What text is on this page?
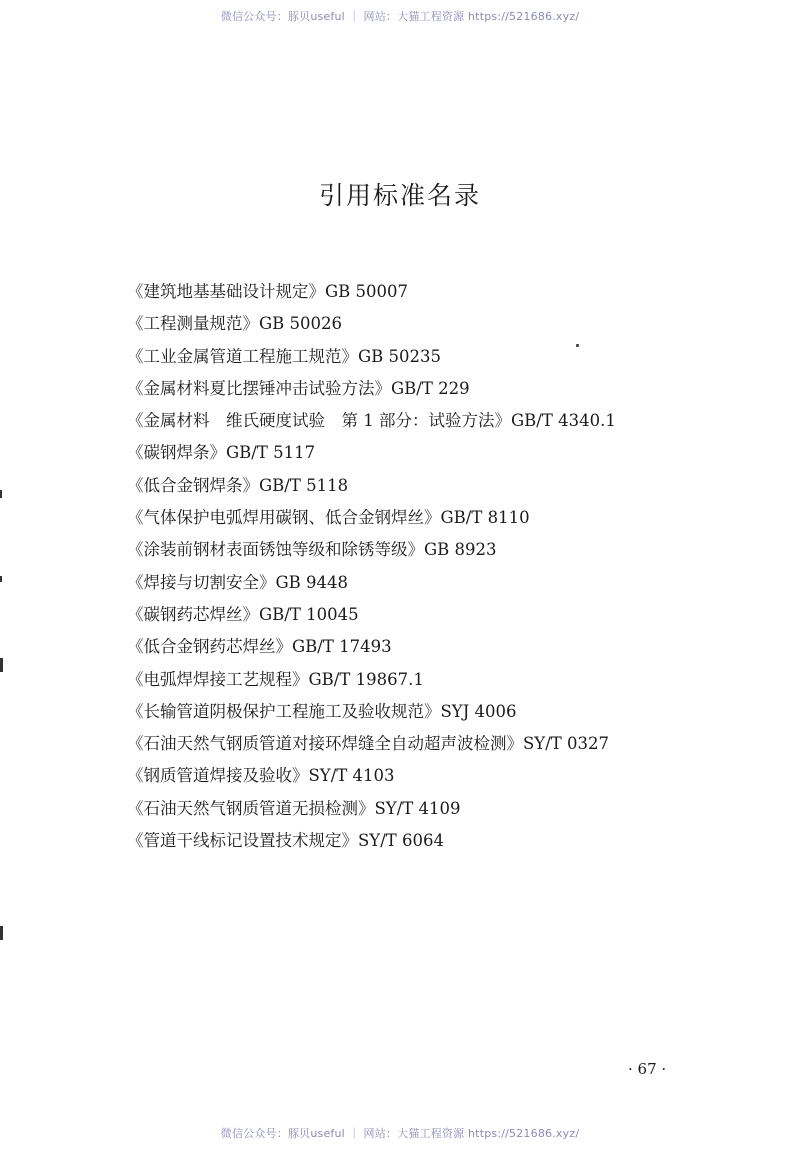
微信公众号：豚贝useful ｜ 网站：大猫工程资源 https://521686.xyz/
引用标准名录
《建筑地基基础设计规定》GB 50007
《工程测量规范》GB 50026
《工业金属管道工程施工规范》GB 50235
《金属材料夏比摆锤冲击试验方法》GB/T 229
《金属材料　维氏硬度试验　第 1 部分：试验方法》GB/T 4340.1
《碳钢焊条》GB/T 5117
《低合金钢焊条》GB/T 5118
《气体保护电弧焊用碳钢、低合金钢焊丝》GB/T 8110
《涂装前钢材表面锈蚀等级和除锈等级》GB 8923
《焊接与切割安全》GB 9448
《碳钢药芯焊丝》GB/T 10045
《低合金钢药芯焊丝》GB/T 17493
《电弧焊焊接工艺规程》GB/T 19867.1
《长输管道阴极保护工程施工及验收规范》SYJ 4006
《石油天然气钢质管道对接环焊缝全自动超声波检测》SY/T 0327
《钢质管道焊接及验收》SY/T 4103
《石油天然气钢质管道无损检测》SY/T 4109
《管道干线标记设置技术规定》SY/T 6064
· 67 ·
微信公众号：豚贝useful ｜ 网站：大猫工程资源 https://521686.xyz/
